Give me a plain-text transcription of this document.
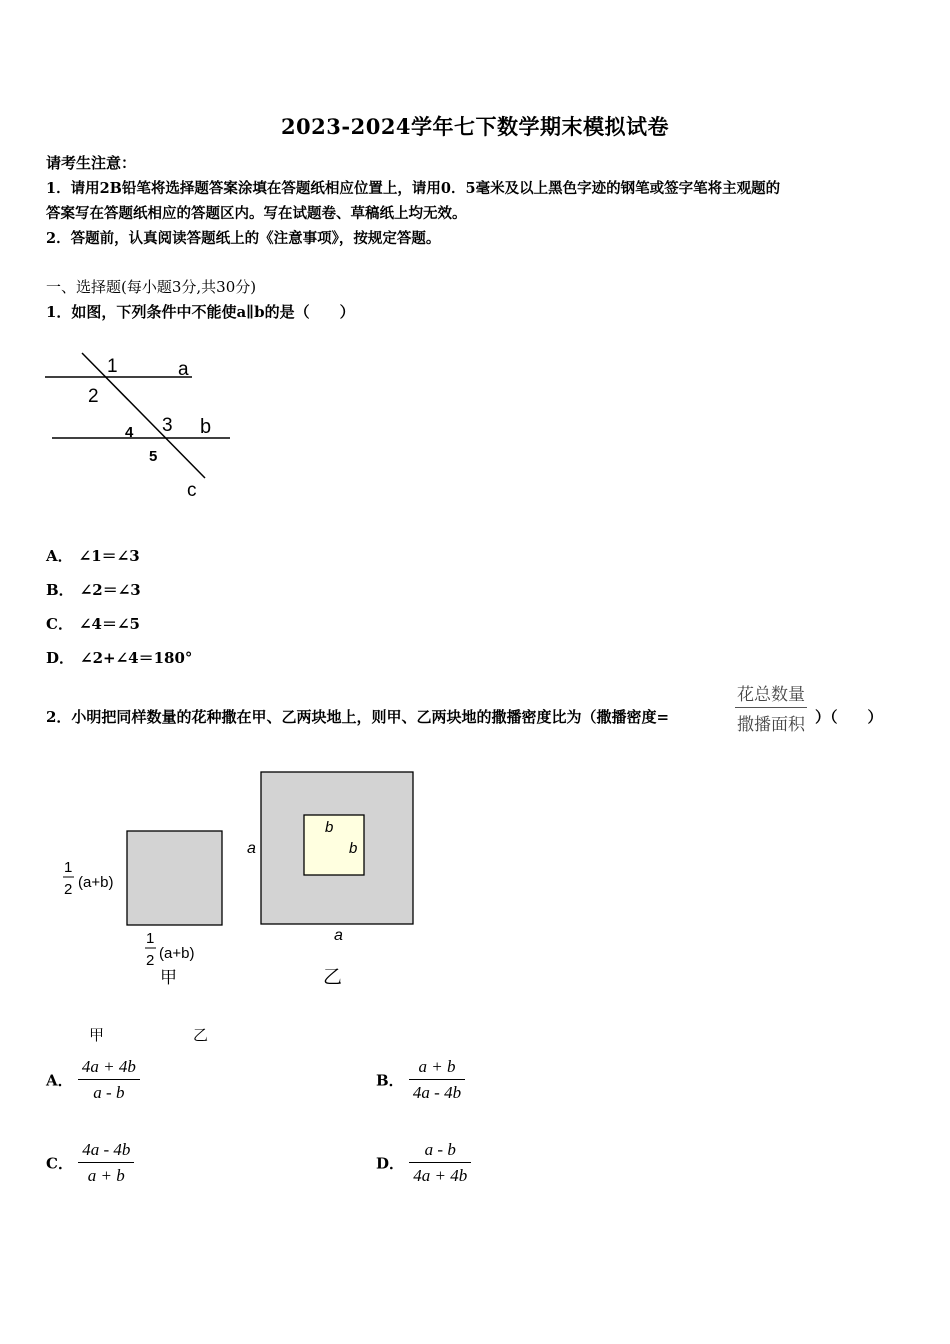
2023-2024学年七下数学期末模拟试卷
请考生注意：
1．请用2B铅笔将选择题答案涂填在答题纸相应位置上，请用0．5毫米及以上黑色字迹的钢笔或签字笔将主观题的
答案写在答题纸相应的答题区内。写在试题卷、草稿纸上均无效。
2．答题前，认真阅读答题纸上的《注意事项》，按规定答题。
一、选择题(每小题3分,共30分)
1．如图，下列条件中不能使a∥b的是（　　）
1	a
2
3 b
4
5
c
A． ∠1＝∠3
B． ∠2＝∠3
C． ∠4＝∠5
D． ∠2+∠4＝180°
2．小明把同样数量的花种撒在甲、乙两块地上，则甲、乙两块地的撒播密度比为（撒播密度=
花总数量
撒播面积 ）（　　）
1
2 (a+b)
1
2 (a+b)
甲
a
a
b
b
乙
甲	乙
A． $\frac{4a + 4b}{a - b}$	B． $\frac{a + b}{4a - 4b}$
C． $\frac{4a - 4b}{a + b}$	D． $\frac{a - b}{4a + 4b}$
